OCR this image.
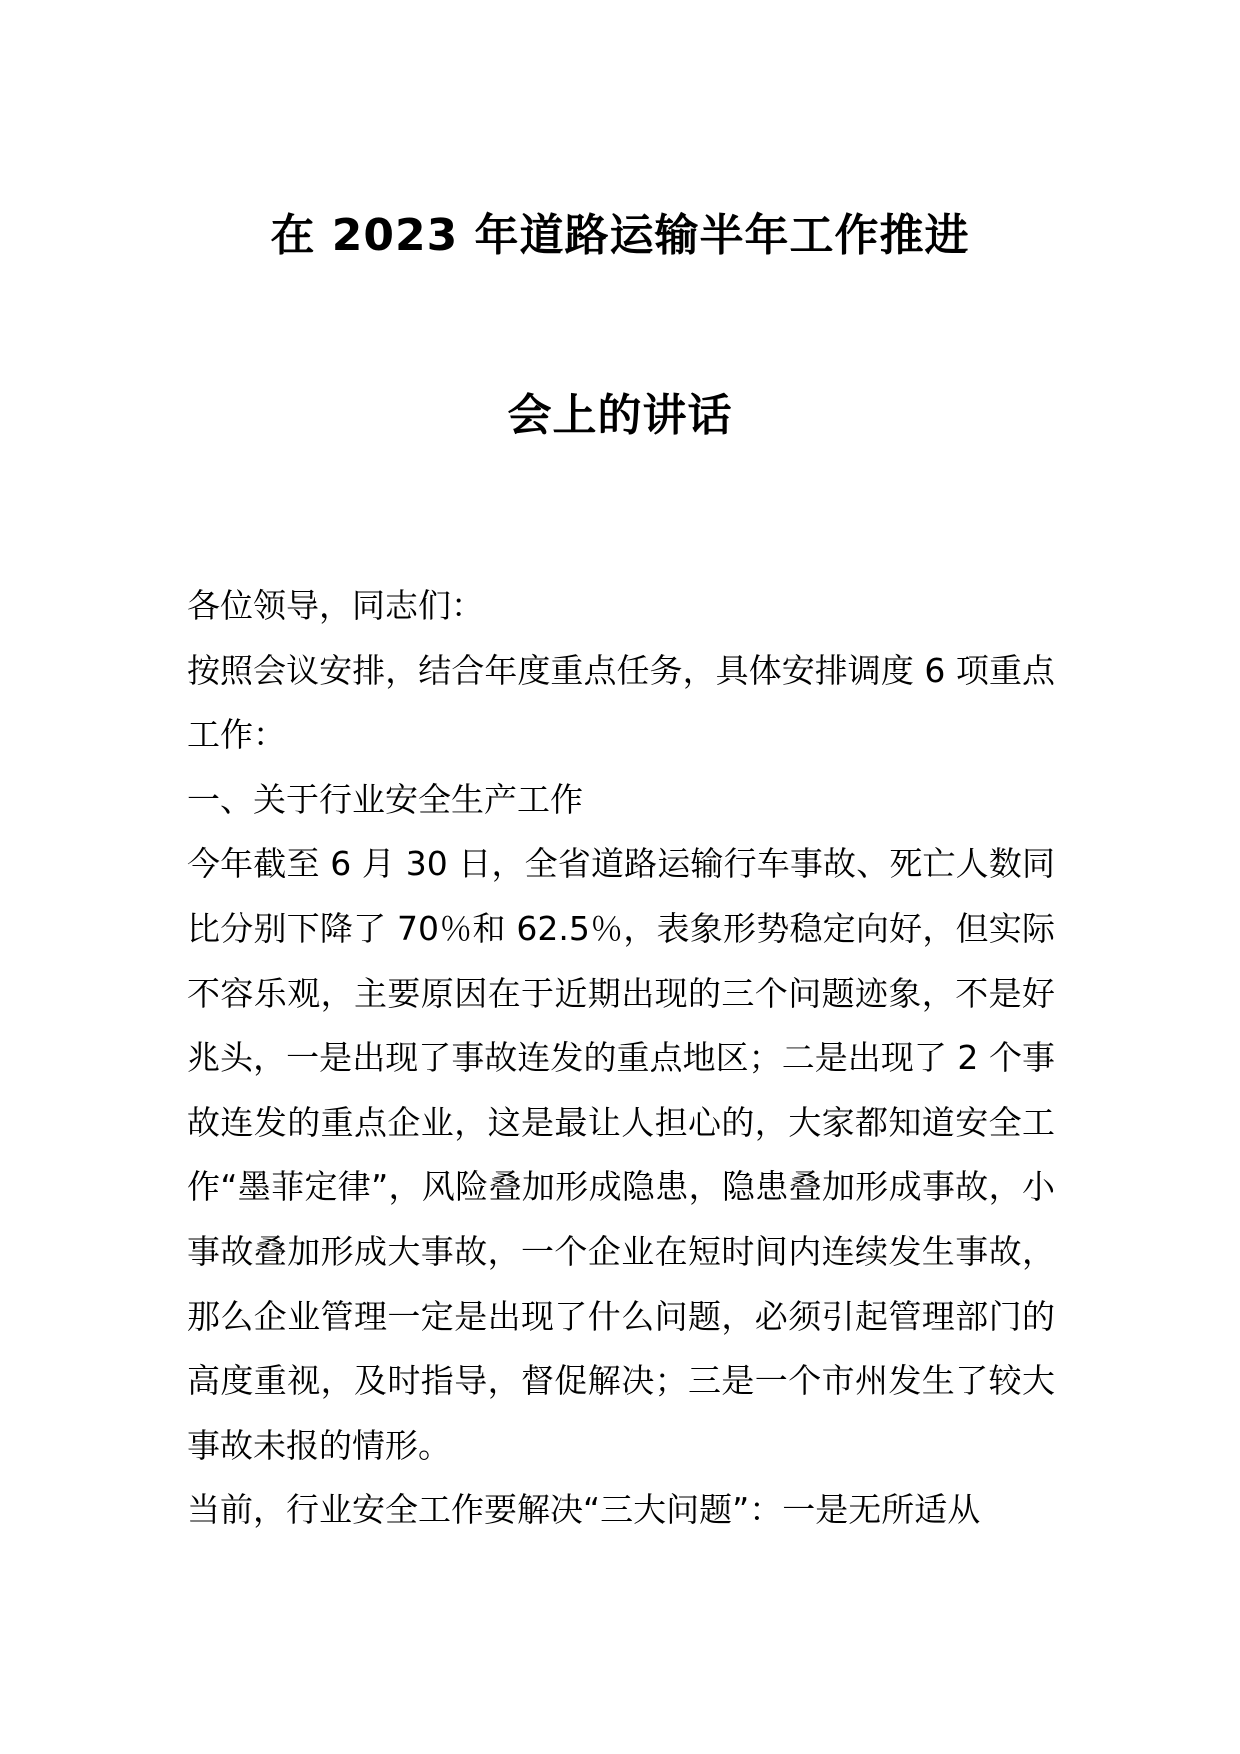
在 2023 年道路运输半年工作推进
会上的讲话

各位领导，同志们：

按照会议安排，结合年度重点任务，具体安排调度 6 项重点工作：

一、关于行业安全生产工作

今年截至 6 月 30 日，全省道路运输行车事故、死亡人数同比分别下降了 70％和 62.5％，表象形势稳定向好，但实际不容乐观，主要原因在于近期出现的三个问题迹象，不是好兆头，一是出现了事故连发的重点地区；二是出现了 2 个事故连发的重点企业，这是最让人担心的，大家都知道安全工作“墨菲定律”，风险叠加形成隐患，隐患叠加形成事故，小事故叠加形成大事故，一个企业在短时间内连续发生事故，那么企业管理一定是出现了什么问题，必须引起管理部门的高度重视，及时指导，督促解决；三是一个市州发生了较大事故未报的情形。

当前，行业安全工作要解决“三大问题”：一是无所适从
